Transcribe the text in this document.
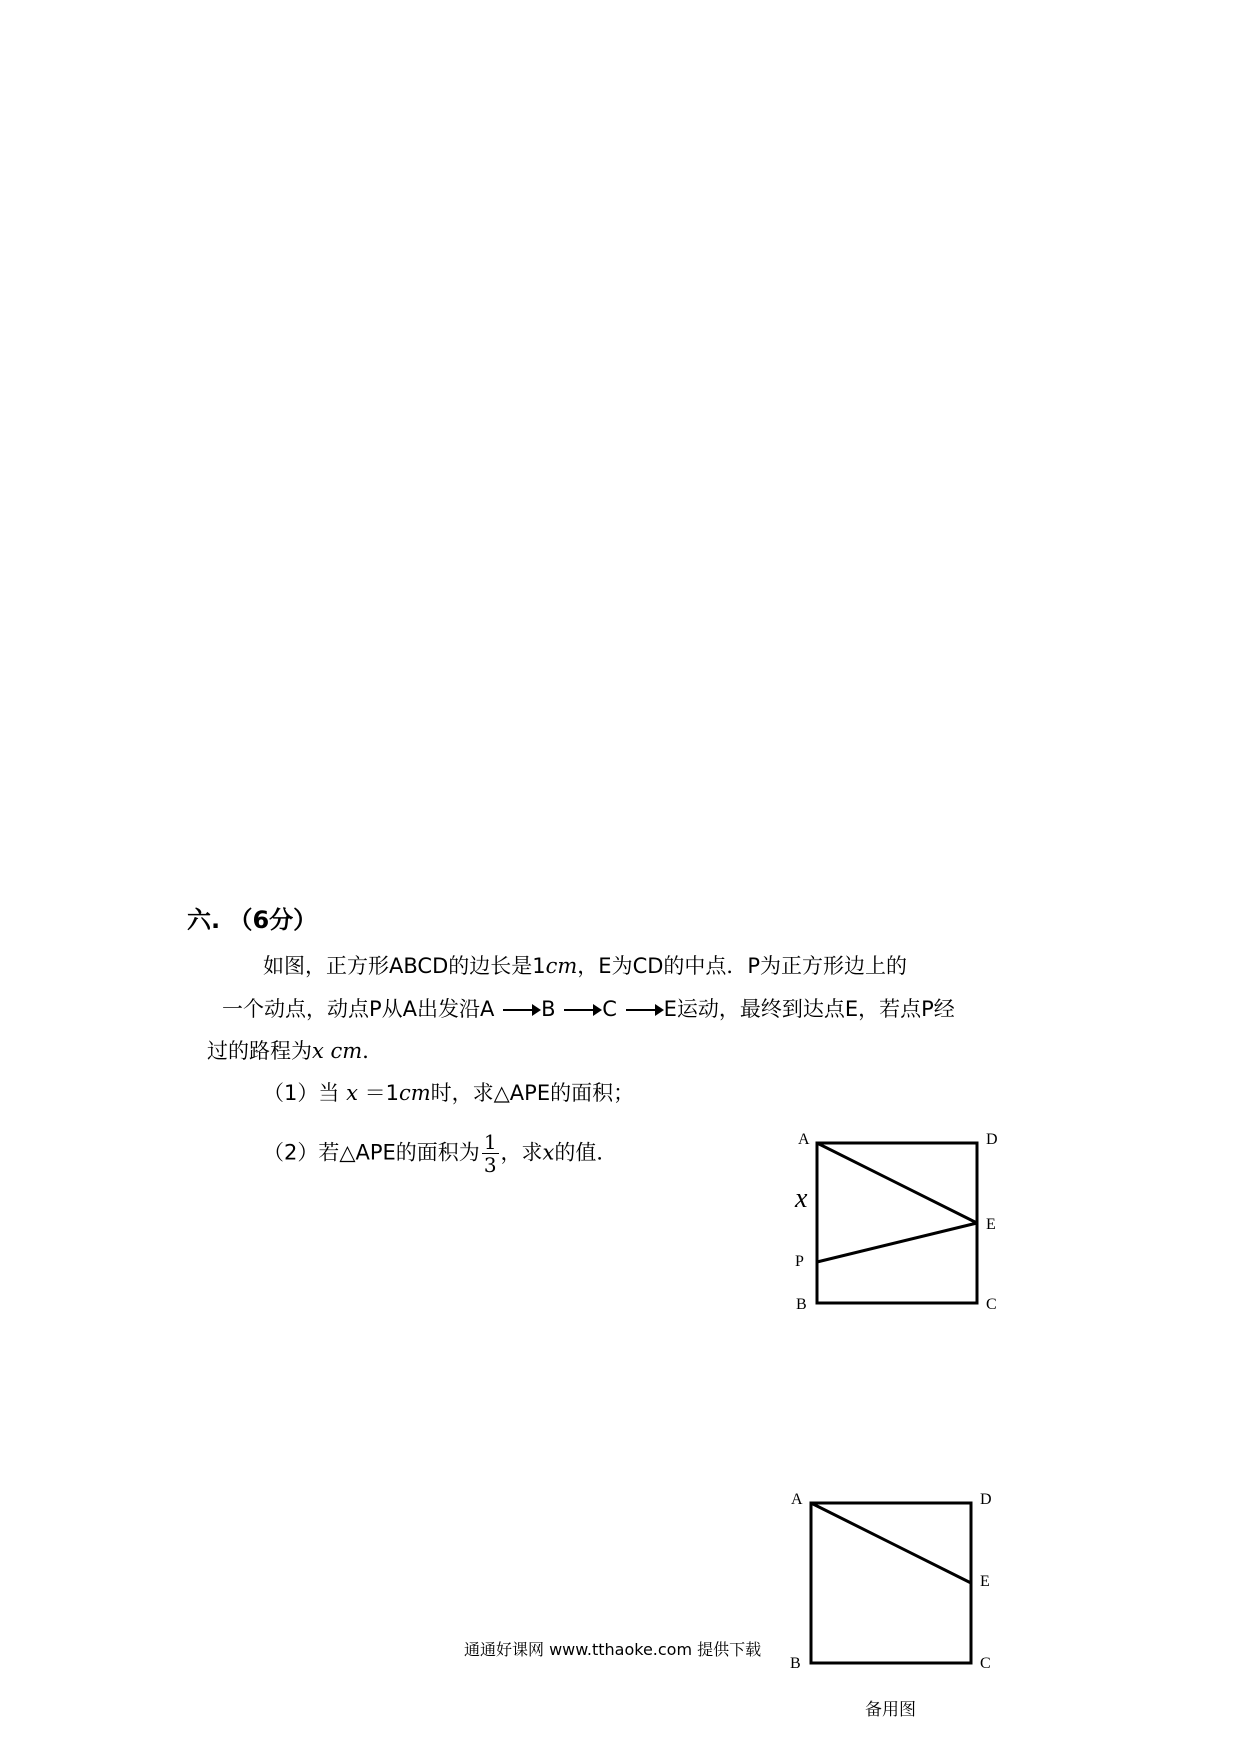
六. （6分）
如图，正方形ABCD的边长是1cm，E为CD的中点．P为正方形边上的
一个动点，动点P从A出发沿A B C E运动，最终到达点E，若点P经
过的路程为x cm．
（1）当 x ＝1cm时，求△APE的面积；
（2）若△APE的面积为 $\frac{1}{3}$ ，求x的值．
A	D
E
P
B	C
x
A	D
E
B	C
通通好课网 www.tthaoke.com 提供下载
备用图
